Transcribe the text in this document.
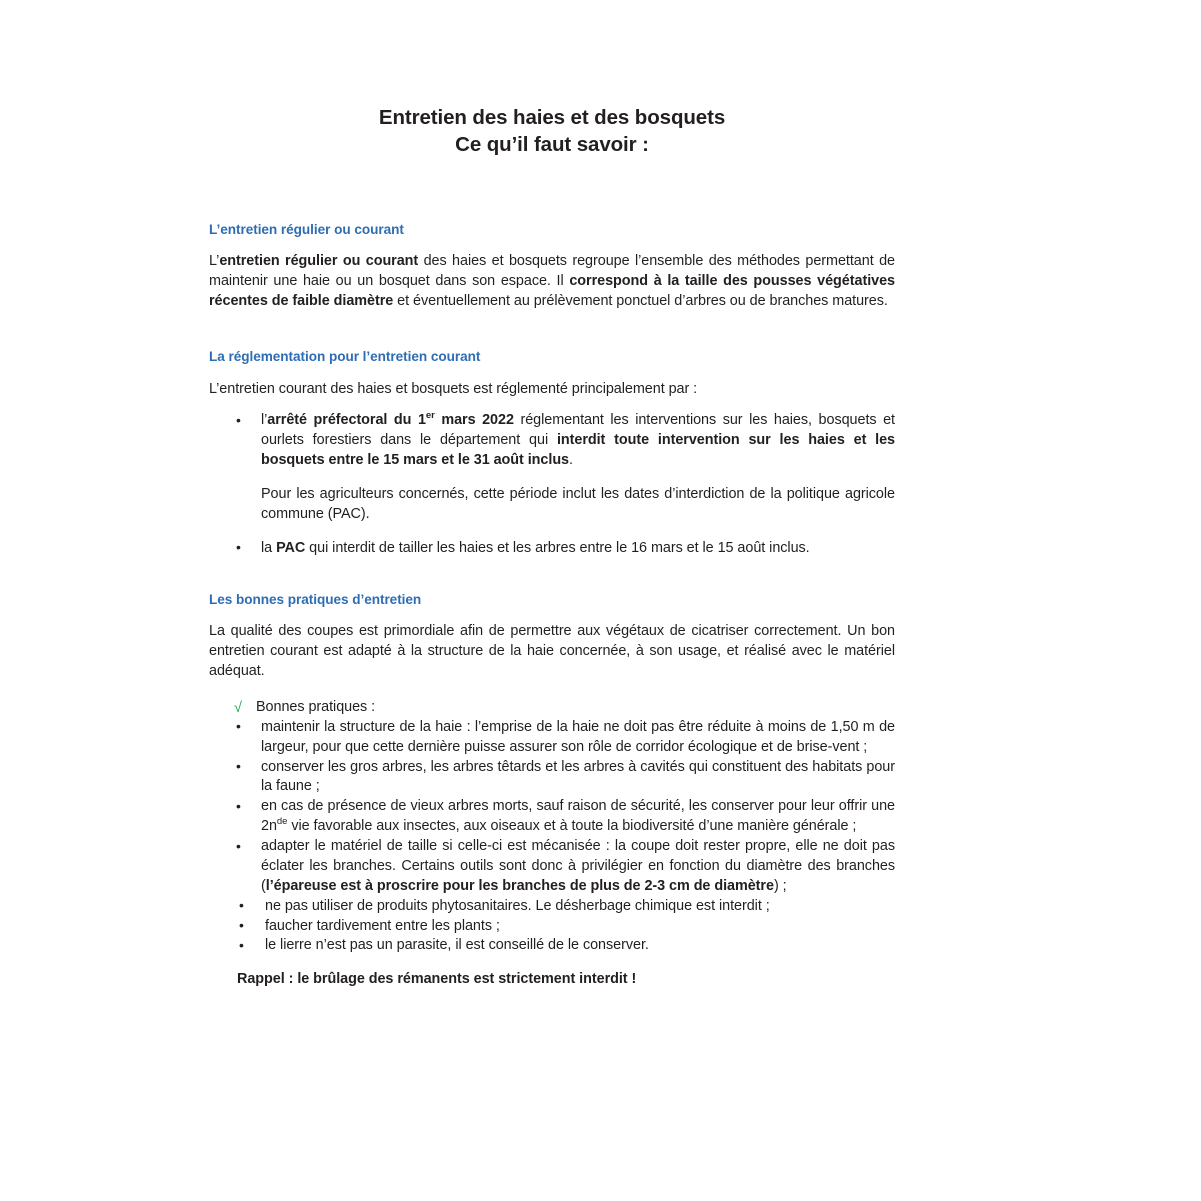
Entretien des haies et des bosquets
Ce qu’il faut savoir :
L’entretien régulier ou courant

L’entretien régulier ou courant des haies et bosquets regroupe l’ensemble des méthodes permettant de maintenir une haie ou un bosquet dans son espace. Il correspond à la taille des pousses végétatives récentes de faible diamètre et éventuellement au prélèvement ponctuel d’arbres ou de branches matures.

La réglementation pour l’entretien courant

L’entretien courant des haies et bosquets est réglementé principalement par :

• l’arrêté préfectoral du 1er mars 2022 réglementant les interventions sur les haies, bosquets et ourlets forestiers dans le département qui interdit toute intervention sur les haies et les bosquets entre le 15 mars et le 31 août inclus.
Pour les agriculteurs concernés, cette période inclut les dates d’interdiction de la politique agricole commune (PAC).
• la PAC qui interdit de tailler les haies et les arbres entre le 16 mars et le 15 août inclus.
Les bonnes pratiques d’entretien

La qualité des coupes est primordiale afin de permettre aux végétaux de cicatriser correctement. Un bon entretien courant est adapté à la structure de la haie concernée, à son usage, et réalisé avec le matériel adéquat.

√ Bonnes pratiques :
• maintenir la structure de la haie : l’emprise de la haie ne doit pas être réduite à moins de 1,50 m de largeur, pour que cette dernière puisse assurer son rôle de corridor écologique et de brise-vent ;
• conserver les gros arbres, les arbres têtards et les arbres à cavités qui constituent des habitats pour la faune ;
• en cas de présence de vieux arbres morts, sauf raison de sécurité, les conserver pour leur offrir une $2n^{de}$ vie favorable aux insectes, aux oiseaux et à toute la biodiversité d’une manière générale ;
• adapter le matériel de taille si celle-ci est mécanisée : la coupe doit rester propre, elle ne doit pas éclater les branches. Certains outils sont donc à privilégier en fonction du diamètre des branches (l’épareuse est à proscrire pour les branches de plus de 2-3 cm de diamètre) ;
• ne pas utiliser de produits phytosanitaires. Le désherbage chimique est interdit ;
• faucher tardivement entre les plants ;
• le lierre n’est pas un parasite, il est conseillé de le conserver.
Rappel : le brûlage des rémanents est strictement interdit !
